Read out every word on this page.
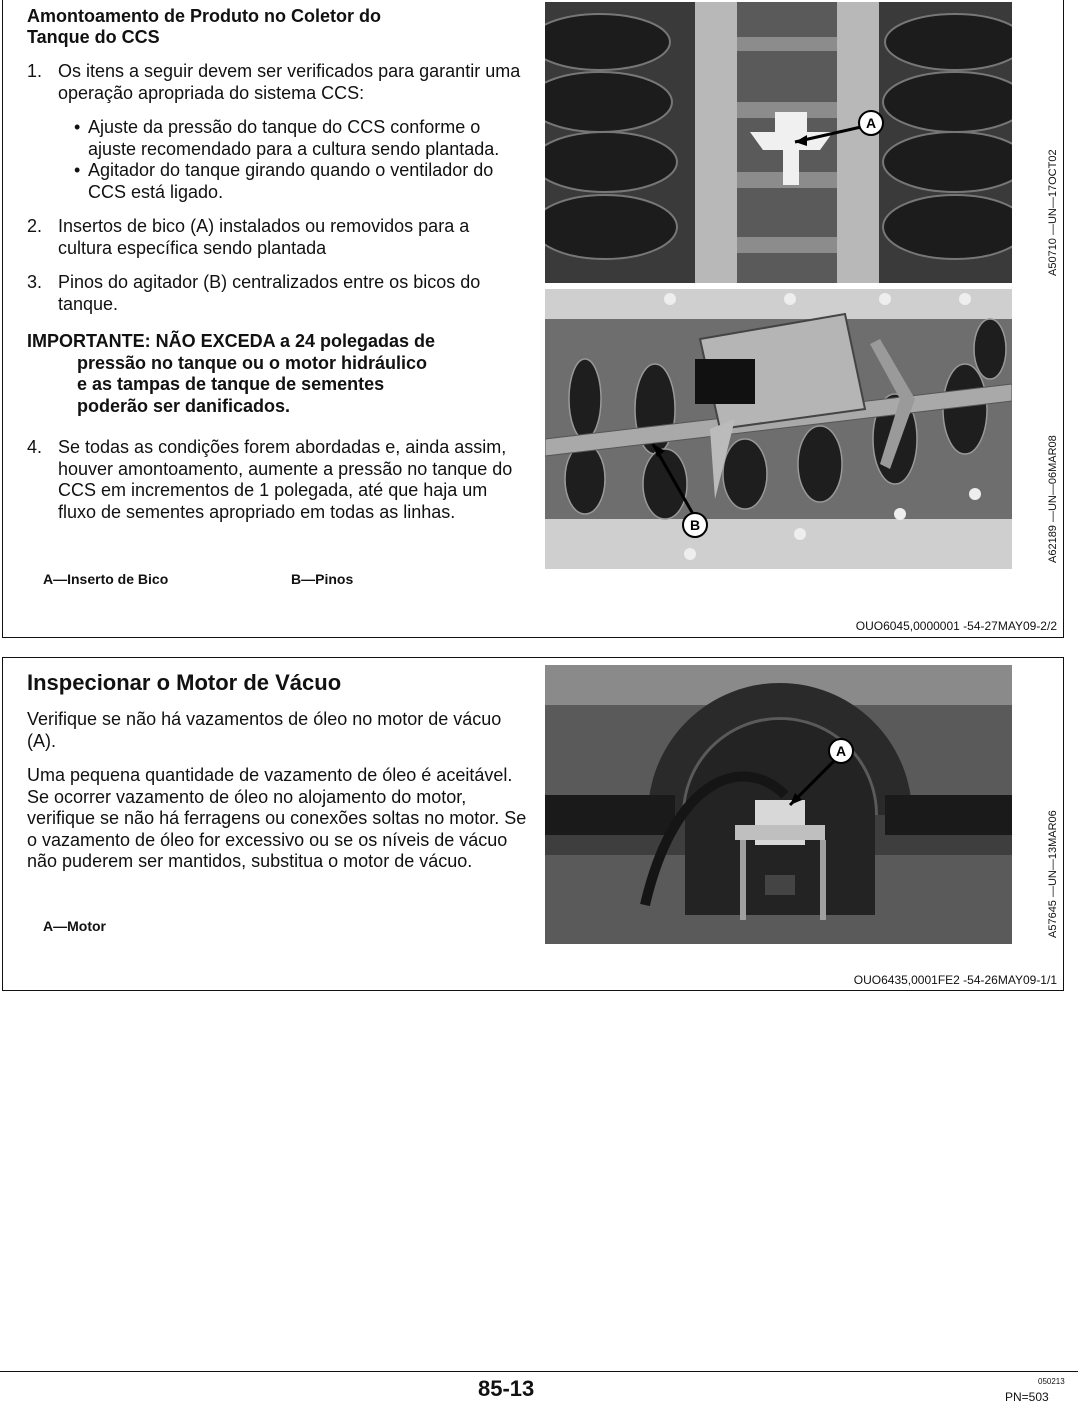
Amontoamento de Produto no Coletor do
Tanque do CCS
1. Os itens a seguir devem ser verificados para garantir uma operação apropriada do sistema CCS:
• Ajuste da pressão do tanque do CCS conforme o ajuste recomendado para a cultura sendo plantada.
• Agitador do tanque girando quando o ventilador do CCS está ligado.
2. Insertos de bico (A) instalados ou removidos para a cultura específica sendo plantada
3. Pinos do agitador (B) centralizados entre os bicos do tanque.
IMPORTANTE: NÃO EXCEDA a 24 polegadas de
pressão no tanque ou o motor hidráulico
e as tampas de tanque de sementes
poderão ser danificados.
4. Se todas as condições forem abordadas e, ainda assim, houver amontoamento, aumente a pressão no tanque do CCS em incrementos de 1 polegada, até que haja um fluxo de sementes apropriado em todas as linhas.
A—Inserto de Bico	B—Pinos
A
A50710 —UN—17OCT02
B	A62189 —UN—06MAR08
OUO6045,0000001 -54-27MAY09-2/2
Inspecionar o Motor de Vácuo

Verifique se não há vazamentos de óleo no motor de vácuo (A).

Uma pequena quantidade de vazamento de óleo é aceitável. Se ocorrer vazamento de óleo no alojamento do motor, verifique se não há ferragens ou conexões soltas no motor. Se o vazamento de óleo for excessivo ou se os níveis de vácuo não puderem ser mantidos, substitua o motor de vácuo.

A—Motor
A
A57645 —UN—13MAR06
OUO6435,0001FE2 -54-26MAY09-1/1
85-13	050213
PN=503
